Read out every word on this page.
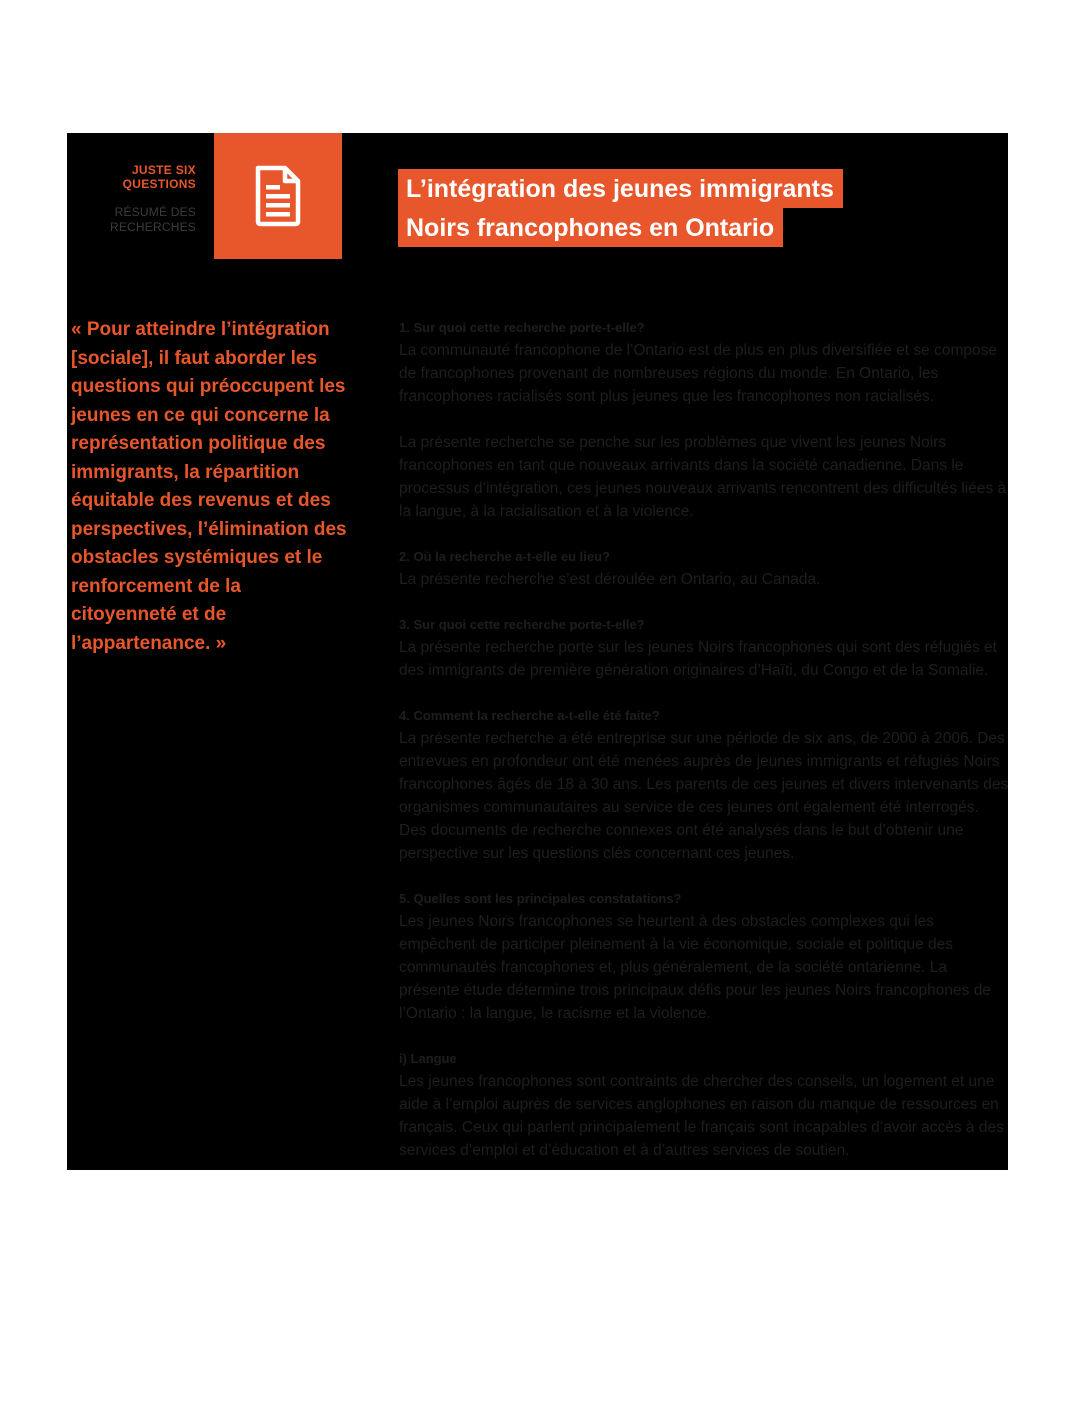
JUSTE SIX QUESTIONS
RÉSUMÉ DES RECHERCHES
L’intégration des jeunes immigrants
Noirs francophones en Ontario
« Pour atteindre l’intégration [sociale], il faut aborder les questions qui préoccupent les jeunes en ce qui concerne la représentation politique des immigrants, la répartition équitable des revenus et des perspectives, l’élimination des obstacles systémiques et le renforcement de la citoyenneté et de l’appartenance. »
1. Sur quoi cette recherche porte-t-elle?
La communauté francophone de l’Ontario est de plus en plus diversifiée et se compose de francophones provenant de nombreuses régions du monde. En Ontario, les francophones racialisés sont plus jeunes que les francophones non racialisés.
La présente recherche se penche sur les problèmes que vivent les jeunes Noirs francophones en tant que nouveaux arrivants dans la société canadienne. Dans le processus d’intégration, ces jeunes nouveaux arrivants rencontrent des difficultés liées à la langue, à la racialisation et à la violence.
2. Où la recherche a-t-elle eu lieu?
La présente recherche s’est déroulée en Ontario, au Canada.
3. Sur quoi cette recherche porte-t-elle?
La présente recherche porte sur les jeunes Noirs francophones qui sont des réfugiés et des immigrants de première génération originaires d’Haïti, du Congo et de la Somalie.
4. Comment la recherche a-t-elle été faite?
La présente recherche a été entreprise sur une période de six ans, de 2000 à 2006. Des entrevues en profondeur ont été menées auprès de jeunes immigrants et réfugiés Noirs francophones âgés de 18 à 30 ans. Les parents de ces jeunes et divers intervenants des organismes communautaires au service de ces jeunes ont également été interrogés. Des documents de recherche connexes ont été analysés dans le but d’obtenir une perspective sur les questions clés concernant ces jeunes.
5. Quelles sont les principales constatations?
Les jeunes Noirs francophones se heurtent à des obstacles complexes qui les empêchent de participer pleinement à la vie économique, sociale et politique des communautés francophones et, plus généralement, de la société ontarienne. La présente étude détermine trois principaux défis pour les jeunes Noirs francophones de l’Ontario : la langue, le racisme et la violence.
i) Langue
Les jeunes francophones sont contraints de chercher des conseils, un logement et une aide à l’emploi auprès de services anglophones en raison du manque de ressources en français. Ceux qui parlent principalement le français sont incapables d’avoir accès à des services d’emploi et d’éducation et à d’autres services de soutien.
